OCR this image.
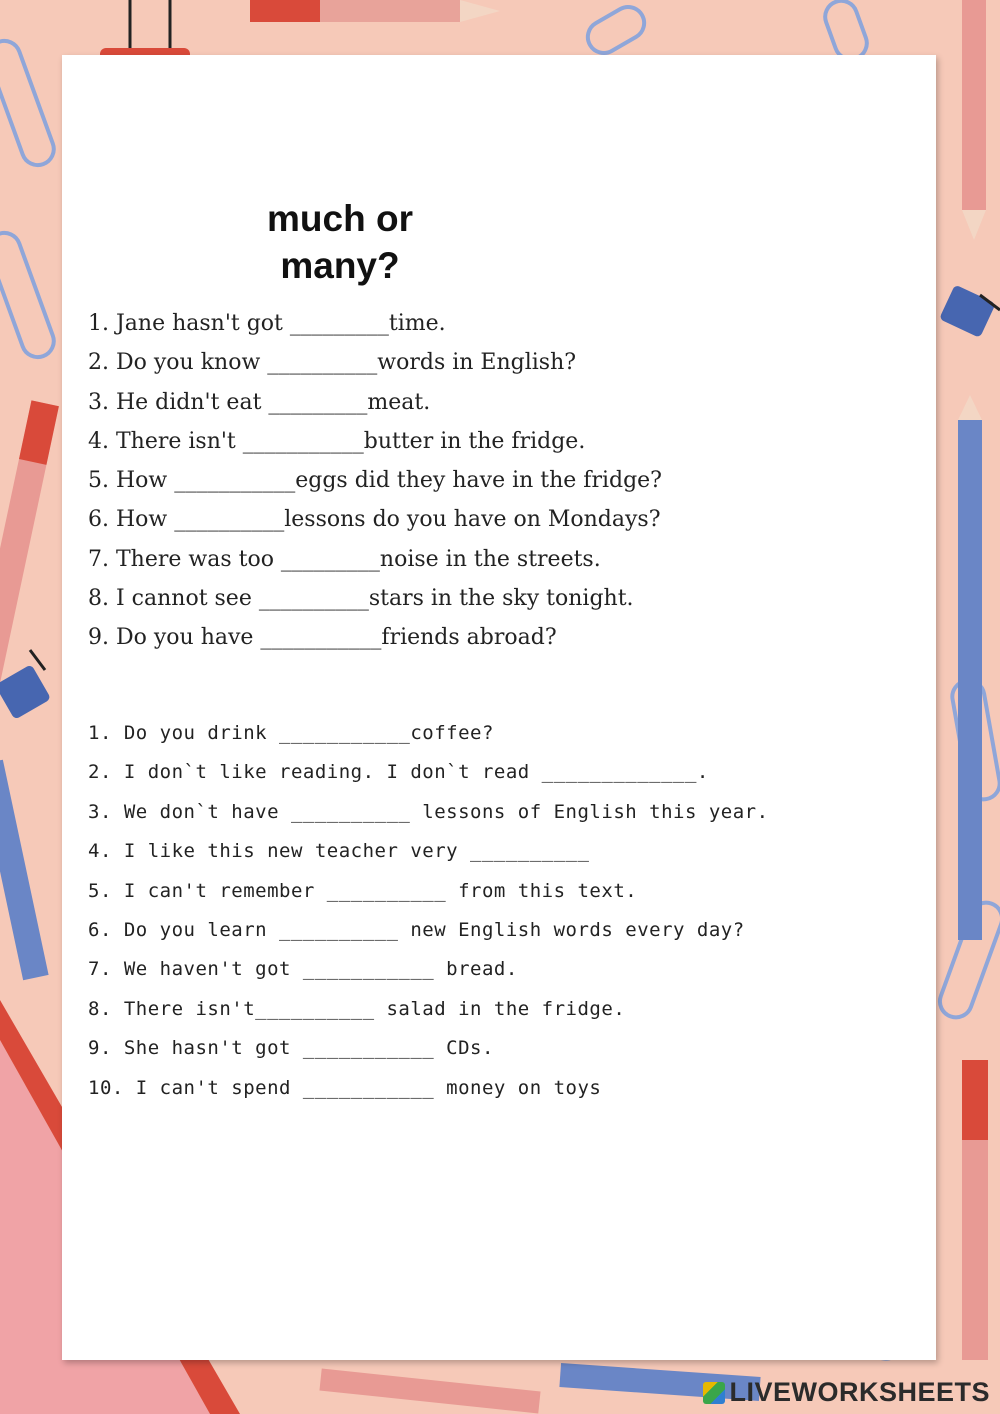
much or
many?
1. Jane hasn't got _________time.
2. Do you know __________words in English?
3. He didn't eat _________meat.
4. There isn't ___________butter in the fridge.
5. How ___________eggs did they have in the fridge?
6. How __________lessons do you have on Mondays?
7. There was too _________noise in the streets.
8. I cannot see __________stars in the sky tonight.
9. Do you have ___________friends abroad?
1. Do you drink ___________coffee?
2. I don`t like reading. I don`t read _____________.
3. We don`t have __________ lessons of English this year.
4. I like this new teacher very __________
5. I can't remember __________ from this text.
6. Do you learn __________ new English words every day?
7. We haven't got ___________ bread.
8. There isn't__________ salad in the fridge.
9. She hasn't got ___________ CDs.
10. I can't spend ___________ money on toys
LIVEWORKSHEETS
